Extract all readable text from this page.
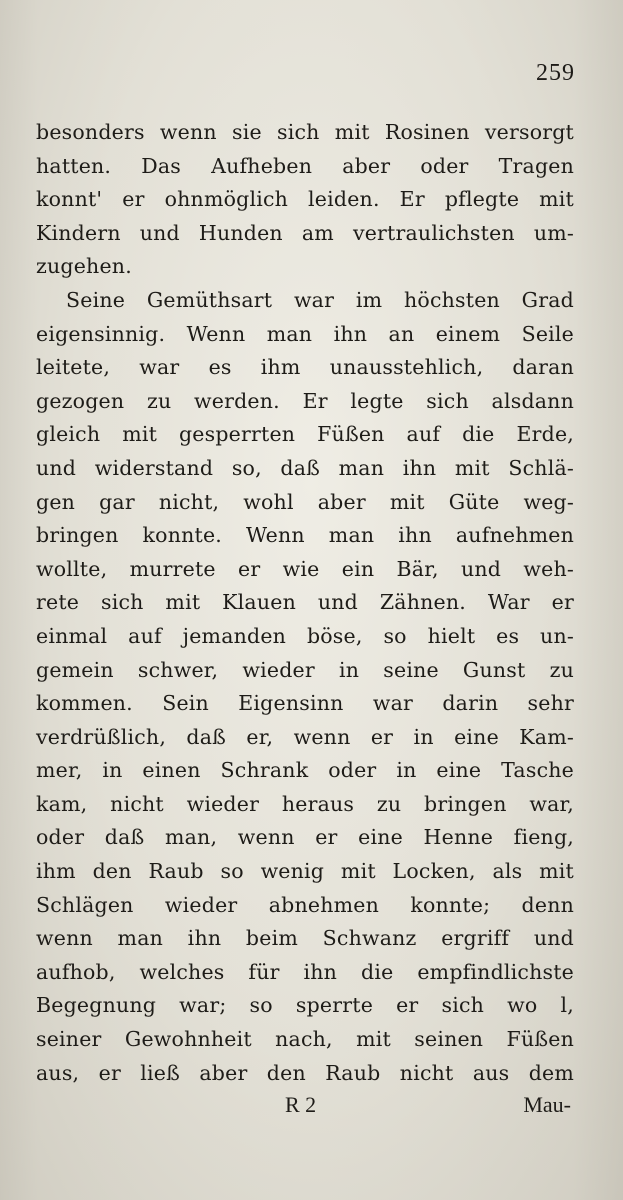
259
besonders wenn sie sich mit Rosinen versorgt
hatten. Das Aufheben aber oder Tragen
konnt' er ohnmöglich leiden. Er pflegte mit
Kindern und Hunden am vertraulichsten um-
zugehen.
Seine Gemüthsart war im höchsten Grad
eigensinnig. Wenn man ihn an einem Seile
leitete, war es ihm unausstehlich, daran
gezogen zu werden. Er legte sich alsdann
gleich mit gesperrten Füßen auf die Erde,
und widerstand so, daß man ihn mit Schlä-
gen gar nicht, wohl aber mit Güte weg-
bringen konnte. Wenn man ihn aufnehmen
wollte, murrete er wie ein Bär, und weh-
rete sich mit Klauen und Zähnen. War er
einmal auf jemanden böse, so hielt es un-
gemein schwer, wieder in seine Gunst zu
kommen. Sein Eigensinn war darin sehr
verdrüßlich, daß er, wenn er in eine Kam-
mer, in einen Schrank oder in eine Tasche
kam, nicht wieder heraus zu bringen war,
oder daß man, wenn er eine Henne fieng,
ihm den Raub so wenig mit Locken, als mit
Schlägen wieder abnehmen konnte; denn
wenn man ihn beim Schwanz ergriff und
aufhob, welches für ihn die empfindlichste
Begegnung war; so sperrte er sich wo l,
seiner Gewohnheit nach, mit seinen Füßen
aus, er ließ aber den Raub nicht aus dem
R 2	Mau-
